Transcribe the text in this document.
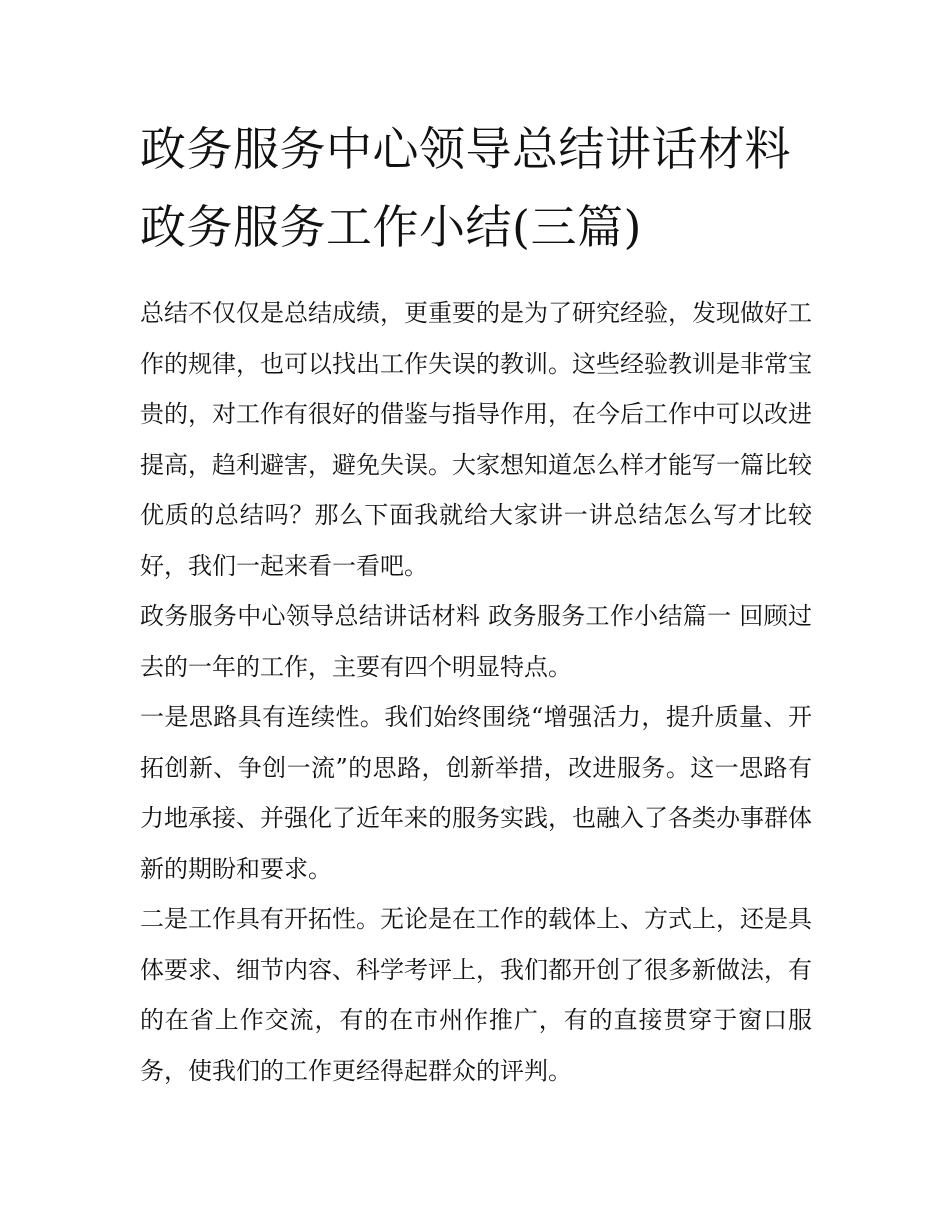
政务服务中心领导总结讲话材料 政务服务工作小结(三篇)

总结不仅仅是总结成绩，更重要的是为了研究经验，发现做好工作的规律，也可以找出工作失误的教训。这些经验教训是非常宝贵的，对工作有很好的借鉴与指导作用，在今后工作中可以改进提高，趋利避害，避免失误。大家想知道怎么样才能写一篇比较优质的总结吗？那么下面我就给大家讲一讲总结怎么写才比较好，我们一起来看一看吧。

政务服务中心领导总结讲话材料 政务服务工作小结篇一 回顾过去的一年的工作，主要有四个明显特点。

一是思路具有连续性。我们始终围绕“增强活力，提升质量、开拓创新、争创一流”的思路，创新举措，改进服务。这一思路有力地承接、并强化了近年来的服务实践，也融入了各类办事群体新的期盼和要求。

二是工作具有开拓性。无论是在工作的载体上、方式上，还是具体要求、细节内容、科学考评上，我们都开创了很多新做法，有的在省上作交流，有的在市州作推广，有的直接贯穿于窗口服务，使我们的工作更经得起群众的评判。
